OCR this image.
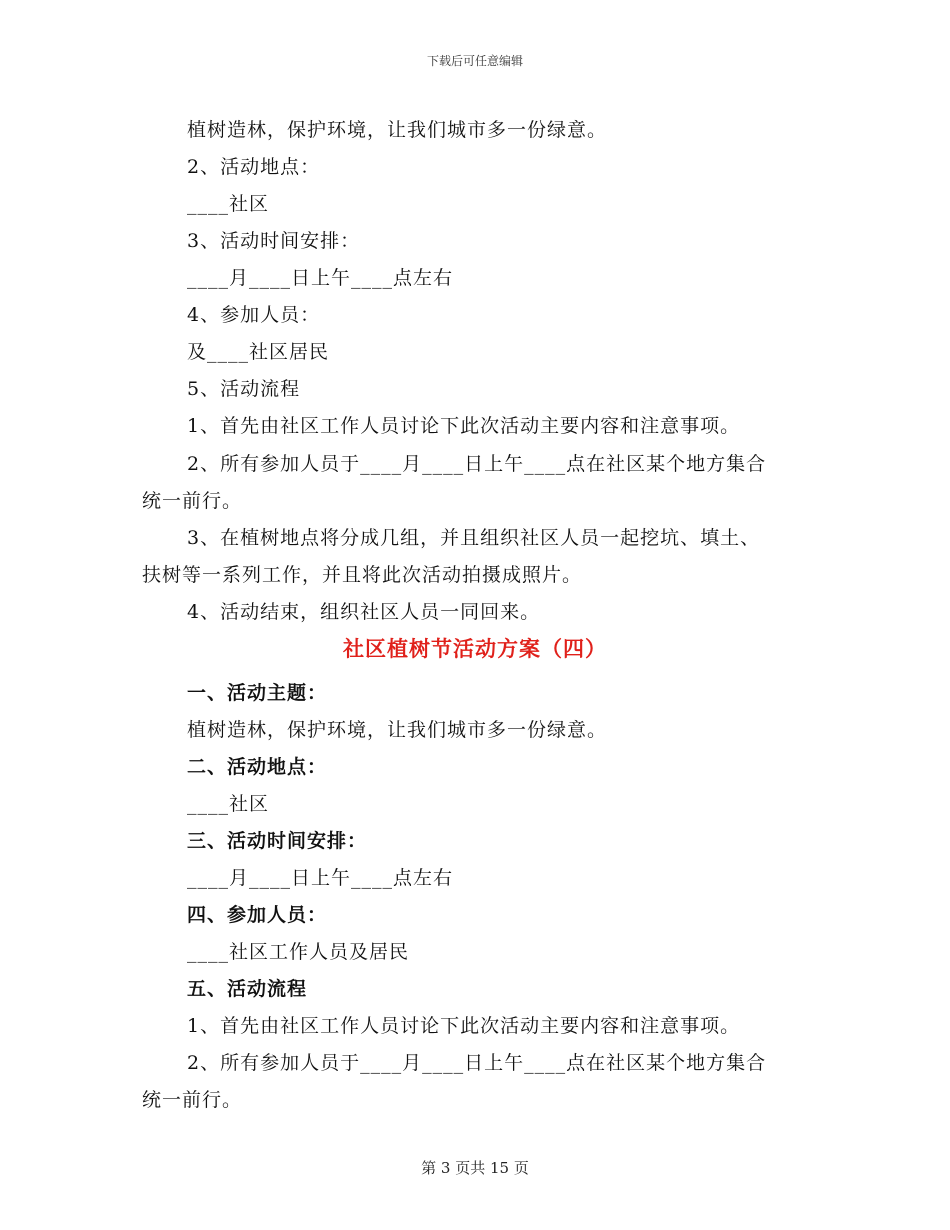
下载后可任意编辑
植树造林，保护环境，让我们城市多一份绿意。
2、活动地点：
____社区
3、活动时间安排：
____月____日上午____点左右
4、参加人员：
及____社区居民
5、活动流程
1、首先由社区工作人员讨论下此次活动主要内容和注意事项。
2、所有参加人员于____月____日上午____点在社区某个地方集合
统一前行。
3、在植树地点将分成几组，并且组织社区人员一起挖坑、填土、
扶树等一系列工作，并且将此次活动拍摄成照片。
4、活动结束，组织社区人员一同回来。
社区植树节活动方案（四）
一、活动主题：
植树造林，保护环境，让我们城市多一份绿意。
二、活动地点：
____社区
三、活动时间安排：
____月____日上午____点左右
四、参加人员：
____社区工作人员及居民
五、活动流程
1、首先由社区工作人员讨论下此次活动主要内容和注意事项。
2、所有参加人员于____月____日上午____点在社区某个地方集合
统一前行。
第 3 页共 15 页
